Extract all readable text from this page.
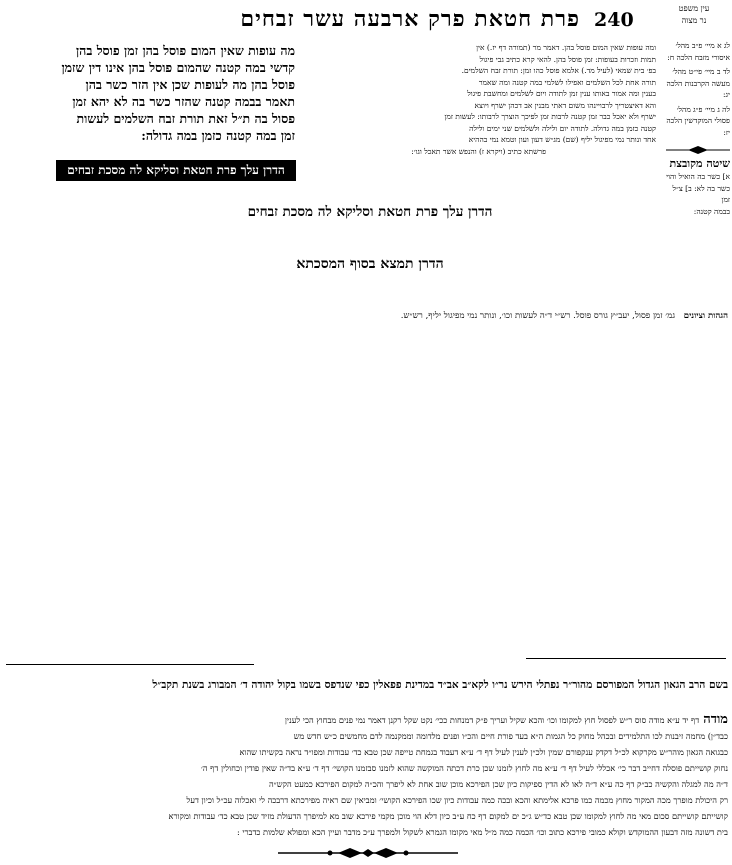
עין משפט
נר מצוה
240
פרת חטאת פרק ארבעה עשר זבחים
לג א מיי׳ פ״ב מהל׳ איסורי מזבח הלכה ח:
לד ב מיי׳ פי״ט מהל׳ מעשה הקרבנות הלכה יג:
לה ג מיי׳ פ״ג מהל׳ פסולי המוקדשין הלכה יז:
שיטה מקובצת
א] כשר בה הואיל והוי
כשר בה לא: ב] צ״ל זמן
בבמה קטנה:
ומה עופות שאין המום פוסל בהן. דאמר מר (תמורה דף יז.) אין
תמות וזכרות בעופות: זמן פוסל בהן. להאי קרא כתיב גבי פיגול
בפ׳ בית שמאי (לעיל מד.) אלמא פוסל כהו זמן: תורת זבח השלמים.
תורה אחת לכל השלמים ואפילו לשלמי במה קטנה ומה שאמר
בענין ומה אמור באותו ענין זמן לתודה ויום לשלמים ומחשבת פיגול
והא דאיצטריך לרבויינהו משום דאתי מבנין אב דכהן ישרף ויוצא
ישרף ולא יאכל כבר זמן קטנה לרבות זמן לפיכך הוצרך לרבותו: לעשות זמן
קטנה כזמן במה גדולה. לתודה יום ולילה ולשלמים שני ימים ולילה
אחד ונותר נמי מפיגול יליף (שם) מג״ש דעון ועון וטמא נמי בההיא
פרשתא כתיב (ויקרא ז) והנפש אשר תאכל וגו׳:
מה עופות שאין המום פוסל בהן זמן פוסל בהן
קדשי במה קטנה שהמום פוסל בהן אינו דין שזמן
פוסל בהן מה לעופות שכן אין הזר כשר בהן
תאמר בבמה קטנה שהזר כשר בה לא יהא זמן
פסול בה ת״ל זאת תורת זבח השלמים לעשות
זמן במה קטנה כזמן במה גדולה:
הדרן עלך פרת חטאת וסליקא לה מסכת זבחים
הדרן עלך פרת חטאת וסליקא לה מסכת זבחים
הדרן תמצא בסוף המסכתא
הגהות וציונים גמ׳ זמן פסול, יעב״ץ גורס פוסל. רש״י ד״ה לעשות וכו׳, ונותר נמי מפיגול יליף, רש״ש.
בשם הרב הגאון הגדול המפורסם מהור״ר נפתלי הירש נר״ו לקא״ב אב״ד במדינת פפאלין כפי שנדפס בשמו בקול יהודה ד׳ המבורג בשנת תקב״ל
מודהדף יד ע״א מודה סוס ר״ש לפסול חוץ למקומו וכו׳ והכא שקיל ועריך פ״ק דמנחות ככי׳ נקט שקל רקנן דאמר נמי פנים מבחוץ הכי לענין
כבד״ן) מחמה זיבנות לכו התלמידים ובכהל מחוק כל הגמות ה״א בעד פורת חיים והכ״ו ופנים מלדומה וממקנמה לדם מחמשים כ״ש חדש מש
כבגואה הגאון מוהר״ש מקרקוא לכ״ל דקדק ענקפורם שמין ולכ״ן לענין לעיל דף ד׳ ע״א דעבוד בגמחת טייפה שכן טבא כד׳ עבודות ומפו״ד נראה בקשיתו שהוא
נחוק קושייתם פוסלה דחייב דבר כי׳ אכללי לעיל דף ד׳ ע״א מה לחוץ לזמנו שכן כרת דכתה המוקשה שהוא לזמנו סבזמנו הקושי׳ דף ד׳ ע״א בד״ה שאין פודין וכחולין דף ה׳
ד״ה מה למגלה והקשיה כב״ק דף כה ע״א ד״ה לאו לא הדין ספיקות כיון שכן הפירכא מוכן שוב אחת לא ליפרך והכ״ה למקום הפירכא כמעט הקש״ה
רק היכולת מופרך מכה המקור מחוץ מכמה כמו פרכא אלימתא והכא ובכה כמה עבודות כיון שכו הפירכא הקושי׳ ומביאין שם ראיה מפירכתא דרבכה לי ואכלוה עכ״ל וכיון דעל
קושייתם קושייתם סכום מאי מה לחוץ למקומו שכן טבא כד״ש ג״כ ים למקום דף כח ע״ב כיון דלא הוי מוכן מקמי פירכא שוב מא למיפרך הדעולת מזיד שכן טבא כד׳ עבודות ומקורא
בית דשונה מזה דבעון ההמוקדש וקולא כמובי פירכא כתוב וכו׳ הכמה כמה מ״ל מאי מקומו הגמרא לשקול ולמפרך ע״כ מדבר ועיין הכא ומפולא שלמות כדברי :
